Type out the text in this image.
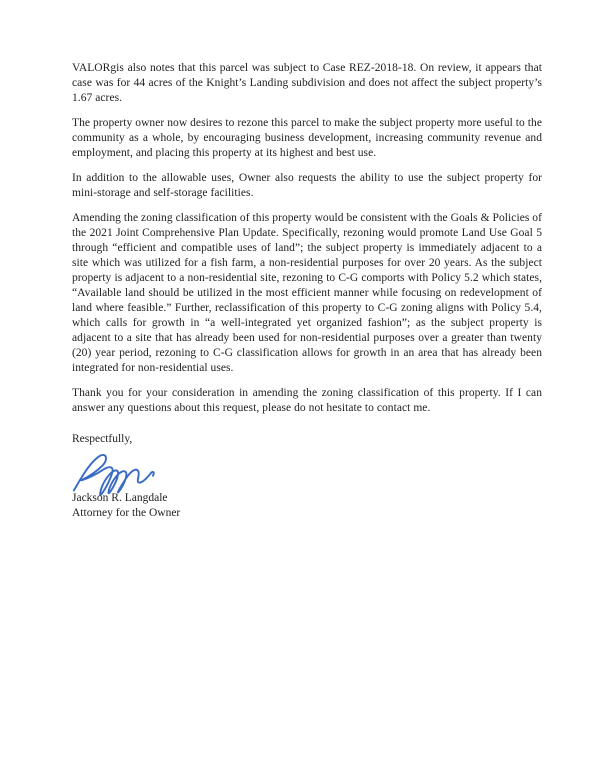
VALORgis also notes that this parcel was subject to Case REZ-2018-18. On review, it appears that case was for 44 acres of the Knight’s Landing subdivision and does not affect the subject property’s 1.67 acres.

The property owner now desires to rezone this parcel to make the subject property more useful to the community as a whole, by encouraging business development, increasing community revenue and employment, and placing this property at its highest and best use.

In addition to the allowable uses, Owner also requests the ability to use the subject property for mini-storage and self-storage facilities.

Amending the zoning classification of this property would be consistent with the Goals & Policies of the 2021 Joint Comprehensive Plan Update. Specifically, rezoning would promote Land Use Goal 5 through “efficient and compatible uses of land”; the subject property is immediately adjacent to a site which was utilized for a fish farm, a non-residential purposes for over 20 years. As the subject property is adjacent to a non-residential site, rezoning to C-G comports with Policy 5.2 which states, “Available land should be utilized in the most efficient manner while focusing on redevelopment of land where feasible.” Further, reclassification of this property to C-G zoning aligns with Policy 5.4, which calls for growth in “a well-integrated yet organized fashion”; as the subject property is adjacent to a site that has already been used for non-residential purposes over a greater than twenty (20) year period, rezoning to C-G classification allows for growth in an area that has already been integrated for non-residential uses.

Thank you for your consideration in amending the zoning classification of this property. If I can answer any questions about this request, please do not hesitate to contact me.

Respectfully,

Jackson R. Langdale

Attorney for the Owner
